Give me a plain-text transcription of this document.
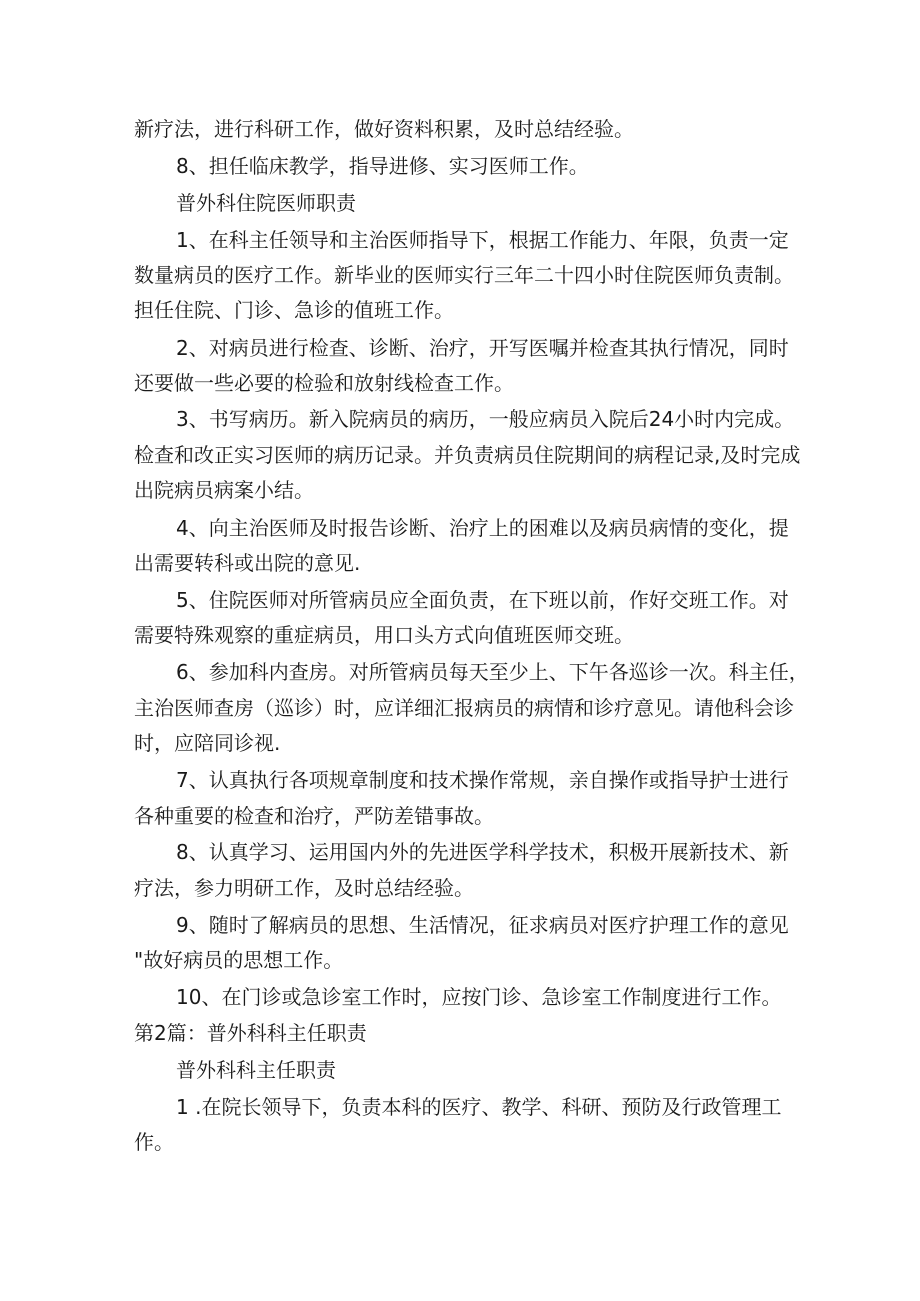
新疗法，进行科研工作，做好资料积累，及时总结经验。
8、担任临床教学，指导进修、实习医师工作。
普外科住院医师职责
1、在科主任领导和主治医师指导下，根据工作能力、年限，负责一定
数量病员的医疗工作。新毕业的医师实行三年二十四小时住院医师负责制。
担任住院、门诊、急诊的值班工作。
2、对病员进行检查、诊断、治疗，开写医嘱并检查其执行情况，同时
还要做一些必要的检验和放射线检查工作。
3、书写病历。新入院病员的病历，一般应病员入院后24小时内完成。
检查和改正实习医师的病历记录。并负责病员住院期间的病程记录,及时完成
出院病员病案小结。
4、向主治医师及时报告诊断、治疗上的困难以及病员病情的变化，提
出需要转科或出院的意见.
5、住院医师对所管病员应全面负责，在下班以前，作好交班工作。对
需要特殊观察的重症病员，用口头方式向值班医师交班。
6、参加科内查房。对所管病员每天至少上、下午各巡诊一次。科主任，
主治医师查房（巡诊）时，应详细汇报病员的病情和诊疗意见。请他科会诊
时，应陪同诊视.
7、认真执行各项规章制度和技术操作常规，亲自操作或指导护士进行
各种重要的检查和治疗，严防差错事故。
8、认真学习、运用国内外的先进医学科学技术，积极开展新技术、新
疗法，参力明研工作，及时总结经验。
9、随时了解病员的思想、生活情况，征求病员对医疗护理工作的意见
"故好病员的思想工作。
10、在门诊或急诊室工作时，应按门诊、急诊室工作制度进行工作。
第2篇：普外科科主任职责
普外科科主任职责
1 .在院长领导下，负责本科的医疗、教学、科研、预防及行政管理工
作。
